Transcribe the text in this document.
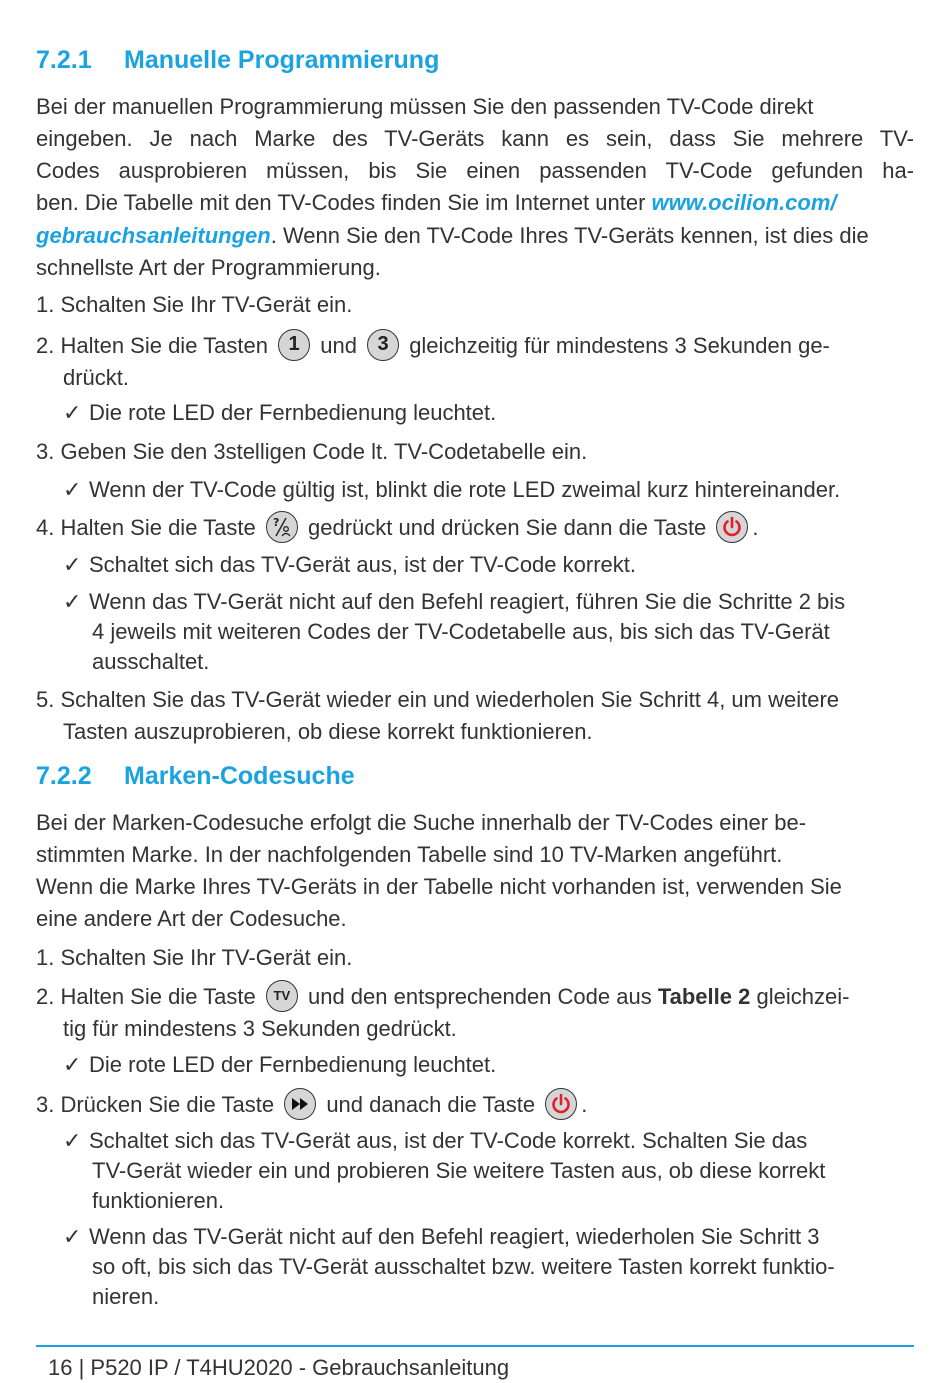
7.2.1 Manuelle Programmierung
Bei der manuellen Programmierung müssen Sie den passenden TV-Code direkt
eingeben. Je nach Marke des TV-Geräts kann es sein, dass Sie mehrere TV-
Codes ausprobieren müssen, bis Sie einen passenden TV-Code gefunden ha-
ben. Die Tabelle mit den TV-Codes finden Sie im Internet unter www.ocilion.com/
gebrauchsanleitungen. Wenn Sie den TV-Code Ihres TV-Geräts kennen, ist dies die
schnellste Art der Programmierung.
1. Schalten Sie Ihr TV-Gerät ein.
2. Halten Sie die Tasten 1 und 3 gleichzeitig für mindestens 3 Sekunden ge-
drückt.
✓ Die rote LED der Fernbedienung leuchtet.
3. Geben Sie den 3stelligen Code lt. TV-Codetabelle ein.
✓ Wenn der TV-Code gültig ist, blinkt die rote LED zweimal kurz hintereinander.
4. Halten Sie die Taste ? gedrückt und drücken Sie dann die Taste .
✓ Schaltet sich das TV-Gerät aus, ist der TV-Code korrekt.
✓ Wenn das TV-Gerät nicht auf den Befehl reagiert, führen Sie die Schritte 2 bis
4 jeweils mit weiteren Codes der TV-Codetabelle aus, bis sich das TV-Gerät
ausschaltet.
5. Schalten Sie das TV-Gerät wieder ein und wiederholen Sie Schritt 4, um weitere
Tasten auszuprobieren, ob diese korrekt funktionieren.
7.2.2 Marken-Codesuche
Bei der Marken-Codesuche erfolgt die Suche innerhalb der TV-Codes einer be-
stimmten Marke. In der nachfolgenden Tabelle sind 10 TV-Marken angeführt.
Wenn die Marke Ihres TV-Geräts in der Tabelle nicht vorhanden ist, verwenden Sie
eine andere Art der Codesuche.
1. Schalten Sie Ihr TV-Gerät ein.
2. Halten Sie die Taste TV und den entsprechenden Code aus Tabelle 2 gleichzei-
tig für mindestens 3 Sekunden gedrückt.
✓ Die rote LED der Fernbedienung leuchtet.
3. Drücken Sie die Taste und danach die Taste .
✓ Schaltet sich das TV-Gerät aus, ist der TV-Code korrekt. Schalten Sie das
TV-Gerät wieder ein und probieren Sie weitere Tasten aus, ob diese korrekt
funktionieren.
✓ Wenn das TV-Gerät nicht auf den Befehl reagiert, wiederholen Sie Schritt 3
so oft, bis sich das TV-Gerät ausschaltet bzw. weitere Tasten korrekt funktio-
nieren.
16 | P520 IP / T4HU2020 - Gebrauchsanleitung
